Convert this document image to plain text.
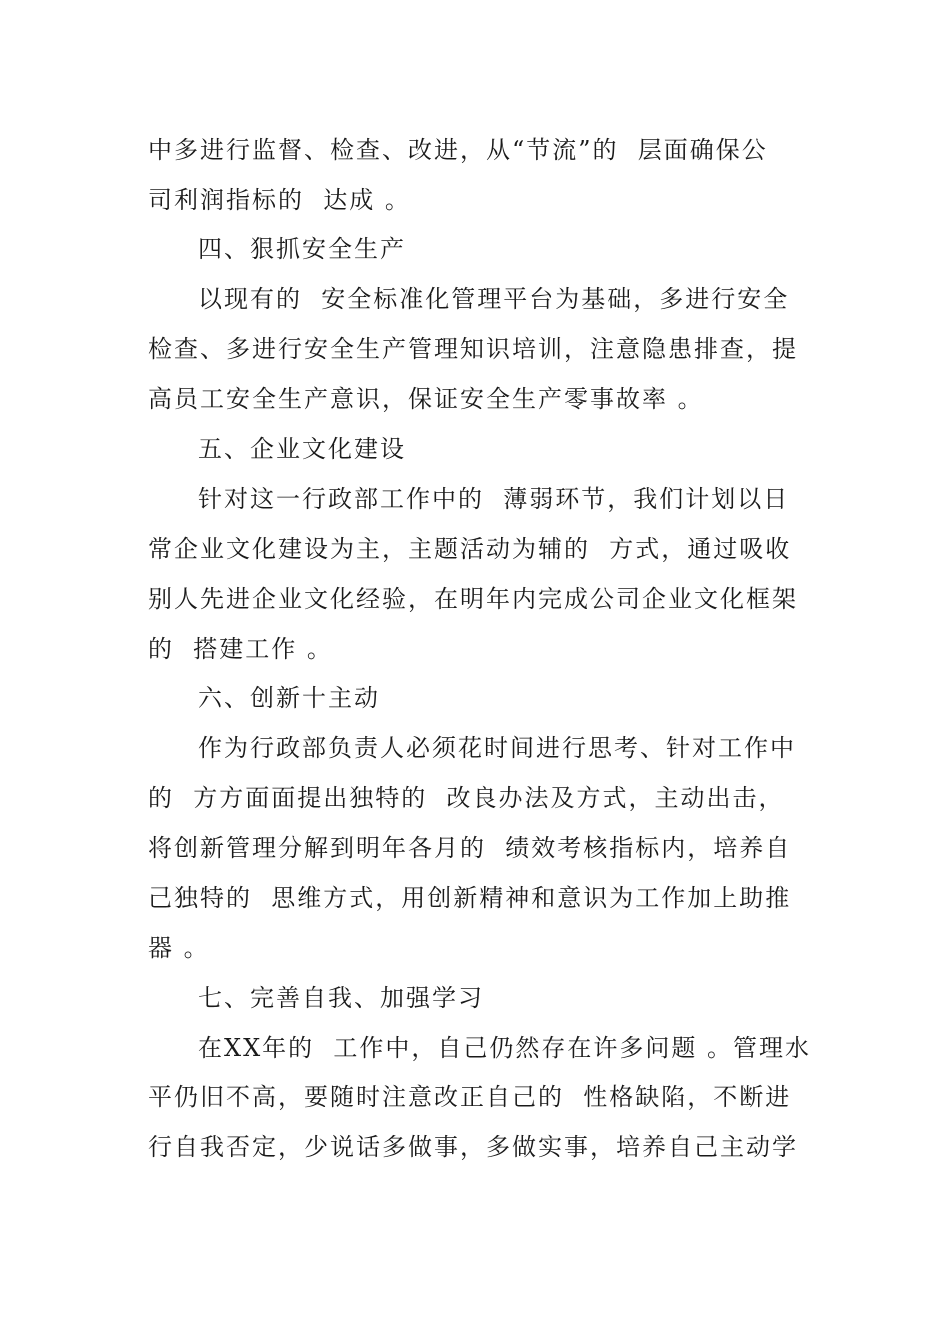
中多进行监督、检查、改进，从“节流”的  层面确保公
司利润指标的  达成 。
四、狠抓安全生产
以现有的  安全标准化管理平台为基础，多进行安全
检查、多进行安全生产管理知识培训，注意隐患排查，提
高员工安全生产意识，保证安全生产零事故率 。
五、企业文化建设
针对这一行政部工作中的  薄弱环节，我们计划以日
常企业文化建设为主，主题活动为辅的  方式，通过吸收
别人先进企业文化经验，在明年内完成公司企业文化框架
的  搭建工作 。
六、创新十主动
作为行政部负责人必须花时间进行思考、针对工作中
的  方方面面提出独特的  改良办法及方式，主动出击，
将创新管理分解到明年各月的  绩效考核指标内，培养自
己独特的  思维方式，用创新精神和意识为工作加上助推
器 。
七、完善自我、加强学习
在XX年的  工作中，自己仍然存在许多问题 。管理水
平仍旧不高，要随时注意改正自己的  性格缺陷，不断进
行自我否定，少说话多做事，多做实事，培养自己主动学
